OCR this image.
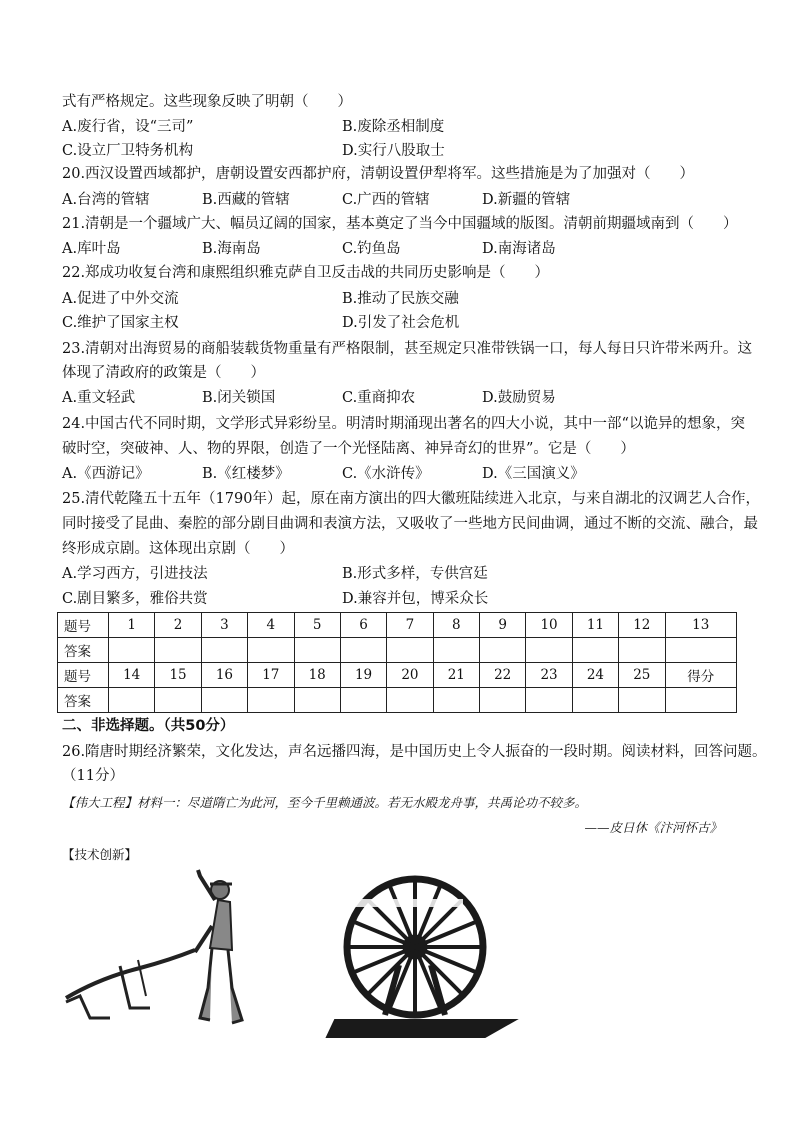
式有严格规定。这些现象反映了明朝（　　）
A.废行省，设“三司”	B.废除丞相制度
C.设立厂卫特务机构	D.实行八股取士
20.西汉设置西域都护，唐朝设置安西都护府，清朝设置伊犁将军。这些措施是为了加强对（　　）
A.台湾的管辖	B.西藏的管辖	C.广西的管辖	D.新疆的管辖
21.清朝是一个疆域广大、幅员辽阔的国家，基本奠定了当今中国疆域的版图。清朝前期疆域南到（　　）
A.库叶岛	B.海南岛	C.钓鱼岛	D.南海诸岛
22.郑成功收复台湾和康熙组织雅克萨自卫反击战的共同历史影响是（　　）
A.促进了中外交流	B.推动了民族交融
C.维护了国家主权	D.引发了社会危机
23.清朝对出海贸易的商船装载货物重量有严格限制，甚至规定只准带铁锅一口，每人每日只许带米两升。这
体现了清政府的政策是（　　）
A.重文轻武	B.闭关锁国	C.重商抑农	D.鼓励贸易
24.中国古代不同时期，文学形式异彩纷呈。明清时期涌现出著名的四大小说，其中一部“以诡异的想象，突
破时空，突破神、人、物的界限，创造了一个光怪陆离、神异奇幻的世界”。它是（　　）
A.《西游记》	B.《红楼梦》	C.《水浒传》	D.《三国演义》
25.清代乾隆五十五年（1790年）起，原在南方演出的四大徽班陆续进入北京，与来自湖北的汉调艺人合作，
同时接受了昆曲、秦腔的部分剧目曲调和表演方法，又吸收了一些地方民间曲调，通过不断的交流、融合，最
终形成京剧。这体现出京剧（　　）
A.学习西方，引进技法	B.形式多样，专供宫廷
C.剧目繁多，雅俗共赏	D.兼容并包，博采众长
题号	1	2	3	4	5	6	7	8	9	10	11	12	13
答案													
题号	14	15	16	17	18	19	20	21	22	23	24	25	得分
答案													
二、非选择题。（共50分）
26.隋唐时期经济繁荣，文化发达，声名远播四海，是中国历史上令人振奋的一段时期。阅读材料，回答问题。
（11分）
【伟大工程】材料一：尽道隋亡为此河，至今千里赖通波。若无水殿龙舟事，共禹论功不较多。
——皮日休《汴河怀古》
【技术创新】
